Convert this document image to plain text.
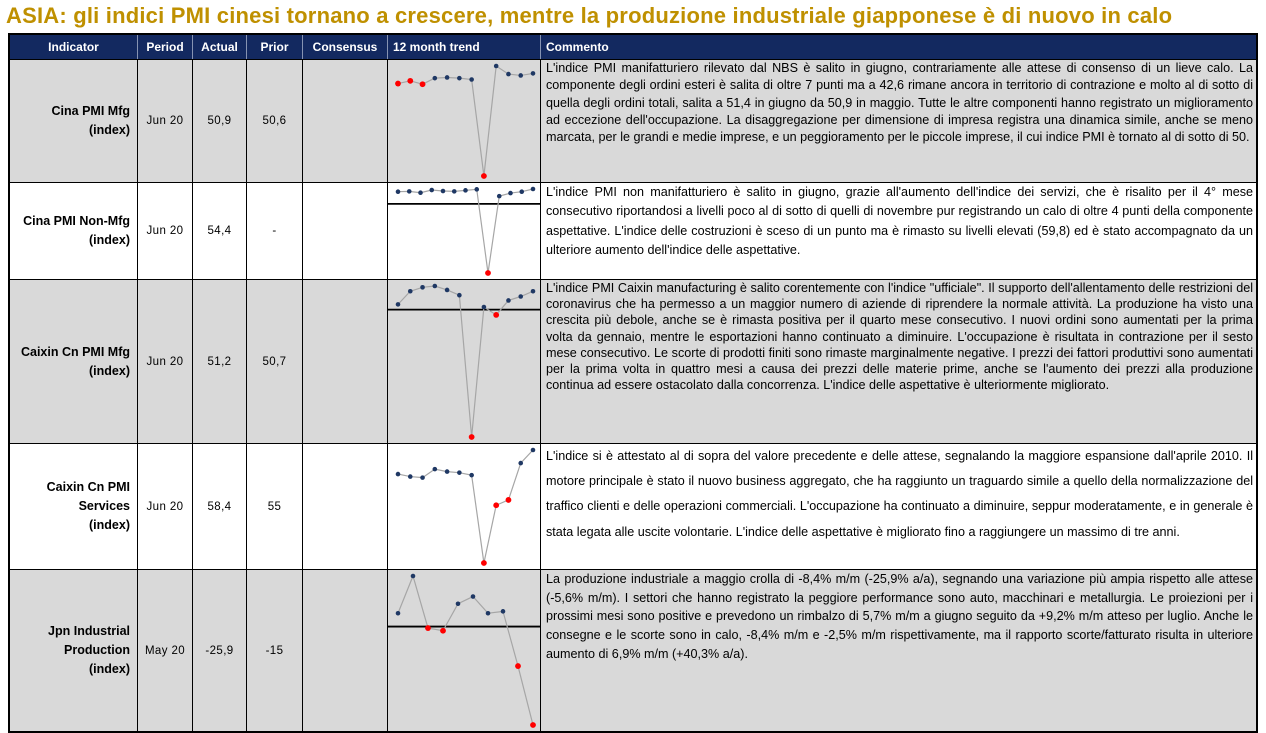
ASIA: gli indici PMI cinesi tornano a crescere, mentre la produzione industriale giapponese è di nuovo in calo
Indicator	Period	Actual	Prior	Consensus	12 month trend	Commento
Cina PMI Mfg
(index)
Jun 20	50,9	50,6
L'indice PMI manifatturiero rilevato dal NBS è salito in giugno, contrariamente alle attese di consenso di un lieve calo. La componente degli ordini esteri è salita di oltre 7 punti ma a 42,6 rimane ancora in territorio di contrazione e molto al di sotto di quella degli ordini totali, salita a 51,4 in giugno da 50,9 in maggio. Tutte le altre componenti hanno registrato un miglioramento ad eccezione dell'occupazione. La disaggregazione per dimensione di impresa registra una dinamica simile, anche se meno marcata, per le grandi e medie imprese, e un peggioramento per le piccole imprese, il cui indice PMI è tornato al di sotto di 50.
Cina PMI Non-Mfg
(index)
Jun 20	54,4	-
L'indice PMI non manifatturiero è salito in giugno, grazie all'aumento dell'indice dei servizi, che è risalito per il 4° mese consecutivo riportandosi a livelli poco al di sotto di quelli di novembre pur registrando un calo di oltre 4 punti della componente aspettative. L'indice delle costruzioni è sceso di un punto ma è rimasto su livelli elevati (59,8) ed è stato accompagnato da un ulteriore aumento dell'indice delle aspettative.
Caixin Cn PMI Mfg
(index)
Jun 20	51,2	50,7
L'indice PMI Caixin manufacturing è salito corentemente con l'indice "ufficiale". Il supporto dell'allentamento delle restrizioni del coronavirus che ha permesso a un maggior numero di aziende di riprendere la normale attività. La produzione ha visto una crescita più debole, anche se è rimasta positiva per il quarto mese consecutivo. I nuovi ordini sono aumentati per la prima volta da gennaio, mentre le esportazioni hanno continuato a diminuire. L'occupazione è risultata in contrazione per il sesto mese consecutivo. Le scorte di prodotti finiti sono rimaste marginalmente negative. I prezzi dei fattori produttivi sono aumentati per la prima volta in quattro mesi a causa dei prezzi delle materie prime, anche se l'aumento dei prezzi alla produzione continua ad essere ostacolato dalla concorrenza. L'indice delle aspettative è ulteriormente migliorato.
Caixin Cn PMI Services
(index)
Jun 20	58,4	55
L'indice si è attestato al di sopra del valore precedente e delle attese, segnalando la maggiore espansione dall'aprile 2010. Il motore principale è stato il nuovo business aggregato, che ha raggiunto un traguardo simile a quello della normalizzazione del traffico clienti e delle operazioni commerciali. L'occupazione ha continuato a diminuire, seppur moderatamente, e in generale è stata legata alle uscite volontarie. L'indice delle aspettative è migliorato fino a raggiungere un massimo di tre anni.
Jpn Industrial Production
(index)
May 20	-25,9	-15
La produzione industriale a maggio crolla di -8,4% m/m (-25,9% a/a), segnando una variazione più ampia rispetto alle attese (-5,6% m/m). I settori che hanno registrato la peggiore performance sono auto, macchinari e metallurgia. Le proiezioni per i prossimi mesi sono positive e prevedono un rimbalzo di 5,7% m/m a giugno seguito da +9,2% m/m atteso per luglio. Anche le consegne e le scorte sono in calo, -8,4% m/m e -2,5% m/m rispettivamente, ma il rapporto scorte/fatturato risulta in ulteriore aumento di 6,9% m/m (+40,3% a/a).
